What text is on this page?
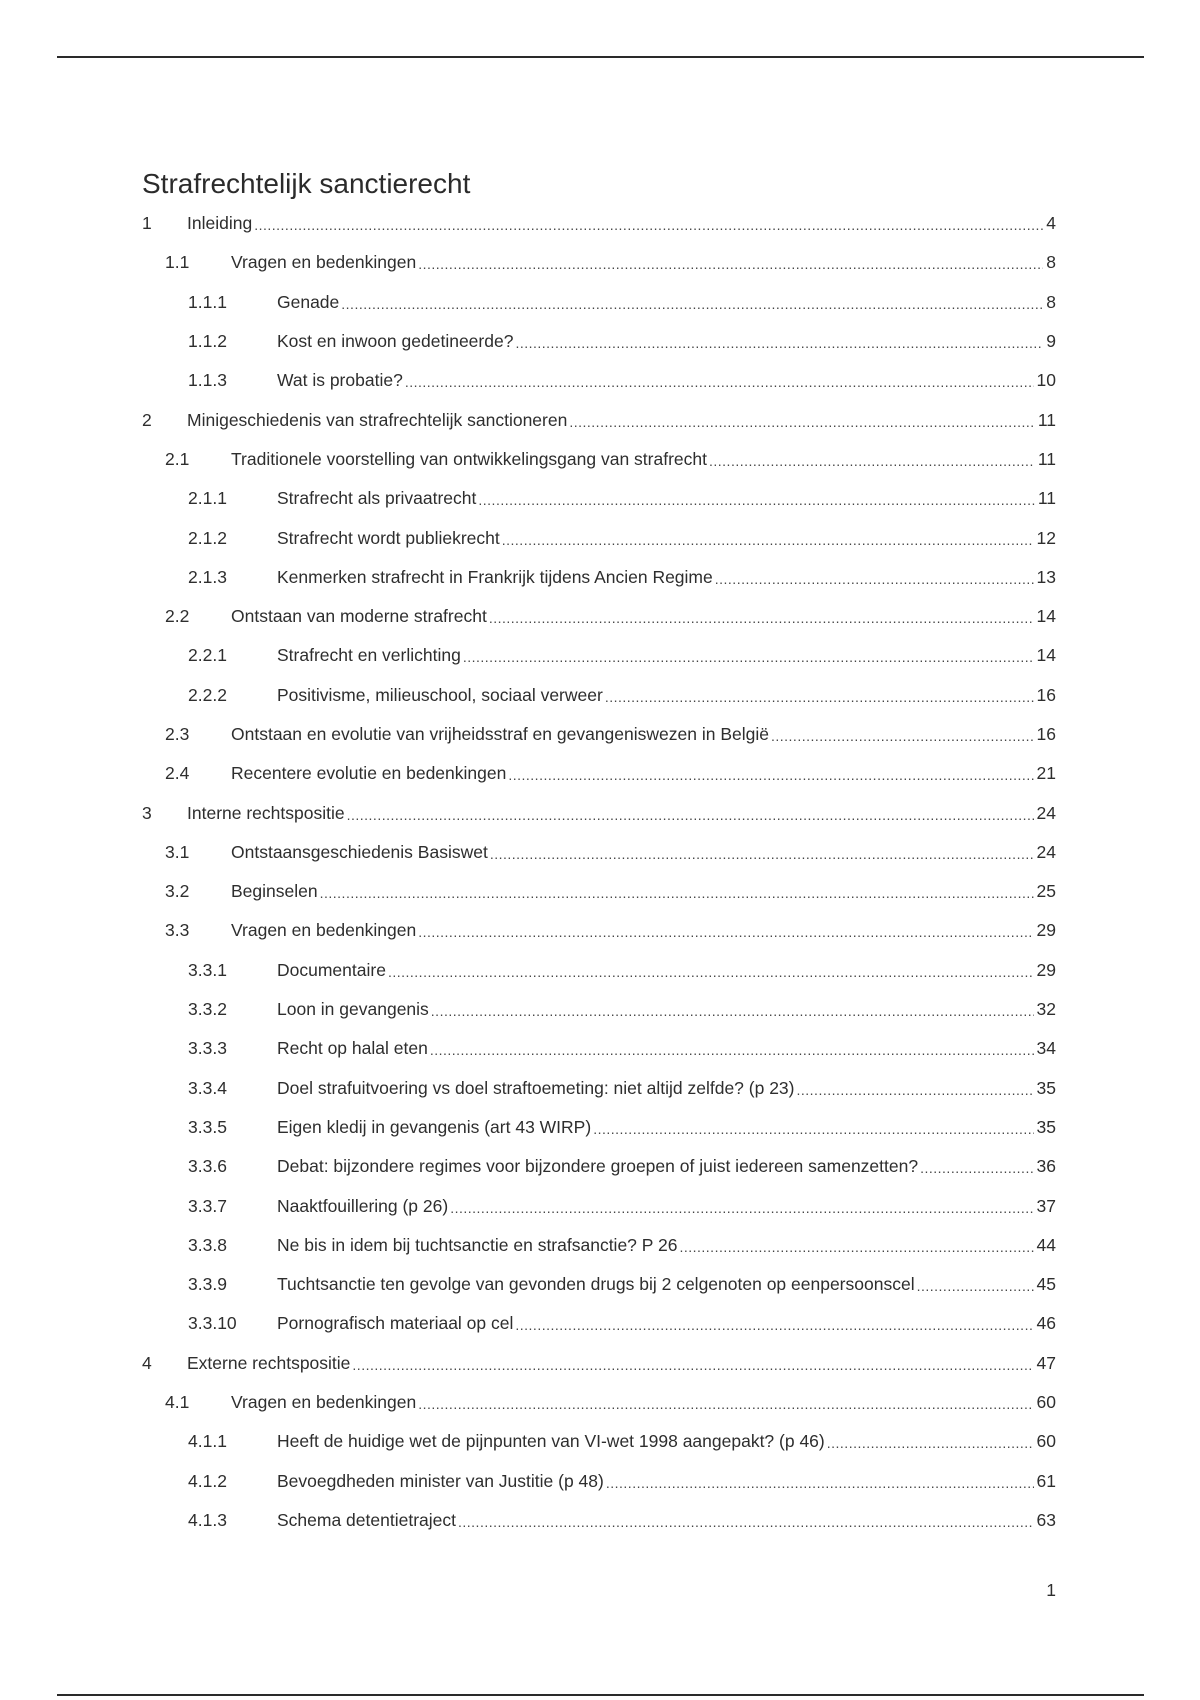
Strafrechtelijk sanctierecht
1	Inleiding .....	4
1.1	Vragen en bedenkingen .....	8
1.1.1	Genade .....	8
1.1.2	Kost en inwoon gedetineerde? .....	9
1.1.3	Wat is probatie? .....	10
2	Minigeschiedenis van strafrechtelijk sanctioneren .....	11
2.1	Traditionele voorstelling van ontwikkelingsgang van strafrecht .....	11
2.1.1	Strafrecht als privaatrecht .....	11
2.1.2	Strafrecht wordt publiekrecht .....	12
2.1.3	Kenmerken strafrecht in Frankrijk tijdens Ancien Regime .....	13
2.2	Ontstaan van moderne strafrecht .....	14
2.2.1	Strafrecht en verlichting .....	14
2.2.2	Positivisme, milieuschool, sociaal verweer .....	16
2.3	Ontstaan en evolutie van vrijheidsstraf en gevangeniswezen in België .....	16
2.4	Recentere evolutie en bedenkingen .....	21
3	Interne rechtspositie .....	24
3.1	Ontstaansgeschiedenis Basiswet .....	24
3.2	Beginselen .....	25
3.3	Vragen en bedenkingen .....	29
3.3.1	Documentaire .....	29
3.3.2	Loon in gevangenis .....	32
3.3.3	Recht op halal eten .....	34
3.3.4	Doel strafuitvoering vs doel straftoemeting: niet altijd zelfde? (p 23) .....	35
3.3.5	Eigen kledij in gevangenis (art 43 WIRP) .....	35
3.3.6	Debat: bijzondere regimes voor bijzondere groepen of juist iedereen samenzetten? .....	36
3.3.7	Naaktfouillering (p 26) .....	37
3.3.8	Ne bis in idem bij tuchtsanctie en strafsanctie? P 26 .....	44
3.3.9	Tuchtsanctie ten gevolge van gevonden drugs bij 2 celgenoten op eenpersoonscel .....	45
3.3.10	Pornografisch materiaal op cel .....	46
4	Externe rechtspositie .....	47
4.1	Vragen en bedenkingen .....	60
4.1.1	Heeft de huidige wet de pijnpunten van VI-wet 1998 aangepakt? (p 46) .....	60
4.1.2	Bevoegdheden minister van Justitie (p 48) .....	61
4.1.3	Schema detentietraject .....	63
1
